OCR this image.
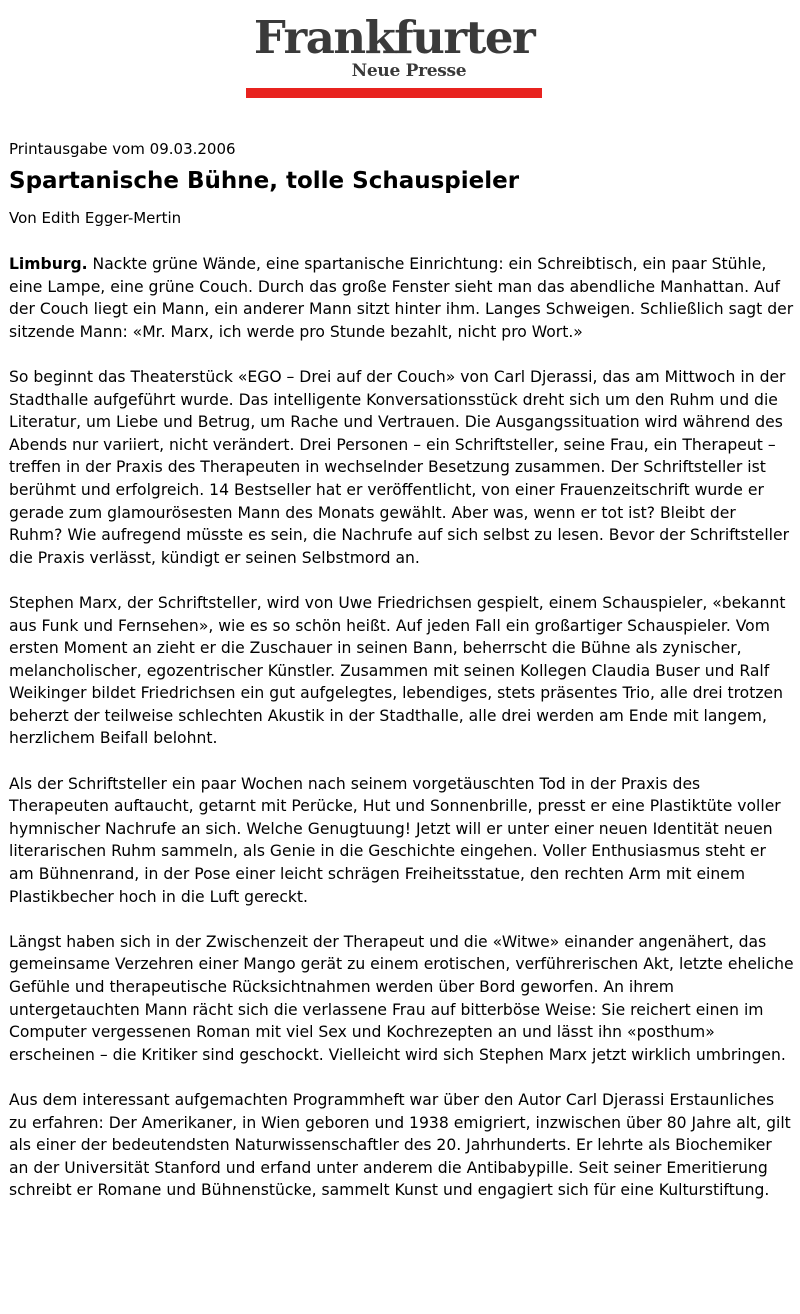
Frankfurter
Neue Presse

Printausgabe vom 09.03.2006

Spartanische Bühne, tolle Schauspieler

Von Edith Egger-Mertin

Limburg. Nackte grüne Wände, eine spartanische Einrichtung: ein Schreibtisch, ein paar Stühle, eine Lampe, eine grüne Couch. Durch das große Fenster sieht man das abendliche Manhattan. Auf der Couch liegt ein Mann, ein anderer Mann sitzt hinter ihm. Langes Schweigen. Schließlich sagt der sitzende Mann: «Mr. Marx, ich werde pro Stunde bezahlt, nicht pro Wort.»

So beginnt das Theaterstück «EGO – Drei auf der Couch» von Carl Djerassi, das am Mittwoch in der Stadthalle aufgeführt wurde. Das intelligente Konversationsstück dreht sich um den Ruhm und die Literatur, um Liebe und Betrug, um Rache und Vertrauen. Die Ausgangssituation wird während des Abends nur variiert, nicht verändert. Drei Personen – ein Schriftsteller, seine Frau, ein Therapeut – treffen in der Praxis des Therapeuten in wechselnder Besetzung zusammen. Der Schriftsteller ist berühmt und erfolgreich. 14 Bestseller hat er veröffentlicht, von einer Frauenzeitschrift wurde er gerade zum glamourösesten Mann des Monats gewählt. Aber was, wenn er tot ist? Bleibt der Ruhm? Wie aufregend müsste es sein, die Nachrufe auf sich selbst zu lesen. Bevor der Schriftsteller die Praxis verlässt, kündigt er seinen Selbstmord an.

Stephen Marx, der Schriftsteller, wird von Uwe Friedrichsen gespielt, einem Schauspieler, «bekannt aus Funk und Fernsehen», wie es so schön heißt. Auf jeden Fall ein großartiger Schauspieler. Vom ersten Moment an zieht er die Zuschauer in seinen Bann, beherrscht die Bühne als zynischer, melancholischer, egozentrischer Künstler. Zusammen mit seinen Kollegen Claudia Buser und Ralf Weikinger bildet Friedrichsen ein gut aufgelegtes, lebendiges, stets präsentes Trio, alle drei trotzen beherzt der teilweise schlechten Akustik in der Stadthalle, alle drei werden am Ende mit langem, herzlichem Beifall belohnt.

Als der Schriftsteller ein paar Wochen nach seinem vorgetäuschten Tod in der Praxis des Therapeuten auftaucht, getarnt mit Perücke, Hut und Sonnenbrille, presst er eine Plastiktüte voller hymnischer Nachrufe an sich. Welche Genugtuung! Jetzt will er unter einer neuen Identität neuen literarischen Ruhm sammeln, als Genie in die Geschichte eingehen. Voller Enthusiasmus steht er am Bühnenrand, in der Pose einer leicht schrägen Freiheitsstatue, den rechten Arm mit einem Plastikbecher hoch in die Luft gereckt.

Längst haben sich in der Zwischenzeit der Therapeut und die «Witwe» einander angenähert, das gemeinsame Verzehren einer Mango gerät zu einem erotischen, verführerischen Akt, letzte eheliche Gefühle und therapeutische Rücksichtnahmen werden über Bord geworfen. An ihrem untergetauchten Mann rächt sich die verlassene Frau auf bitterböse Weise: Sie reichert einen im Computer vergessenen Roman mit viel Sex und Kochrezepten an und lässt ihn «posthum» erscheinen – die Kritiker sind geschockt. Vielleicht wird sich Stephen Marx jetzt wirklich umbringen.

Aus dem interessant aufgemachten Programmheft war über den Autor Carl Djerassi Erstaunliches zu erfahren: Der Amerikaner, in Wien geboren und 1938 emigriert, inzwischen über 80 Jahre alt, gilt als einer der bedeutendsten Naturwissenschaftler des 20. Jahrhunderts. Er lehrte als Biochemiker an der Universität Stanford und erfand unter anderem die Antibabypille. Seit seiner Emeritierung schreibt er Romane und Bühnenstücke, sammelt Kunst und engagiert sich für eine Kulturstiftung.
